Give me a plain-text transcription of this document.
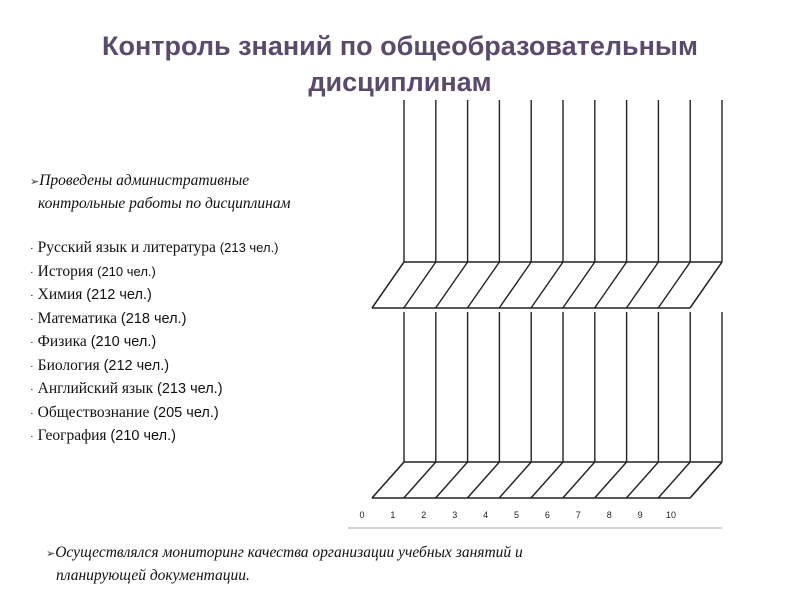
Контроль знаний по общеобразовательным
дисциплинам
➢Проведены административные
контрольные работы по дисциплинам
· Русский язык и литература (213 чел.)
· История (210 чел.)
· Химия (212 чел.)
· Математика (218 чел.)
· Физика (210 чел.)
· Биология (212 чел.)
· Английский язык (213 чел.)
· Обществознание (205 чел.)
· География (210 чел.)
0	1	2	3	4	5	6	7	8	9	10
➢Осуществлялся мониторинг качества организации учебных занятий и
планирующей документации.
